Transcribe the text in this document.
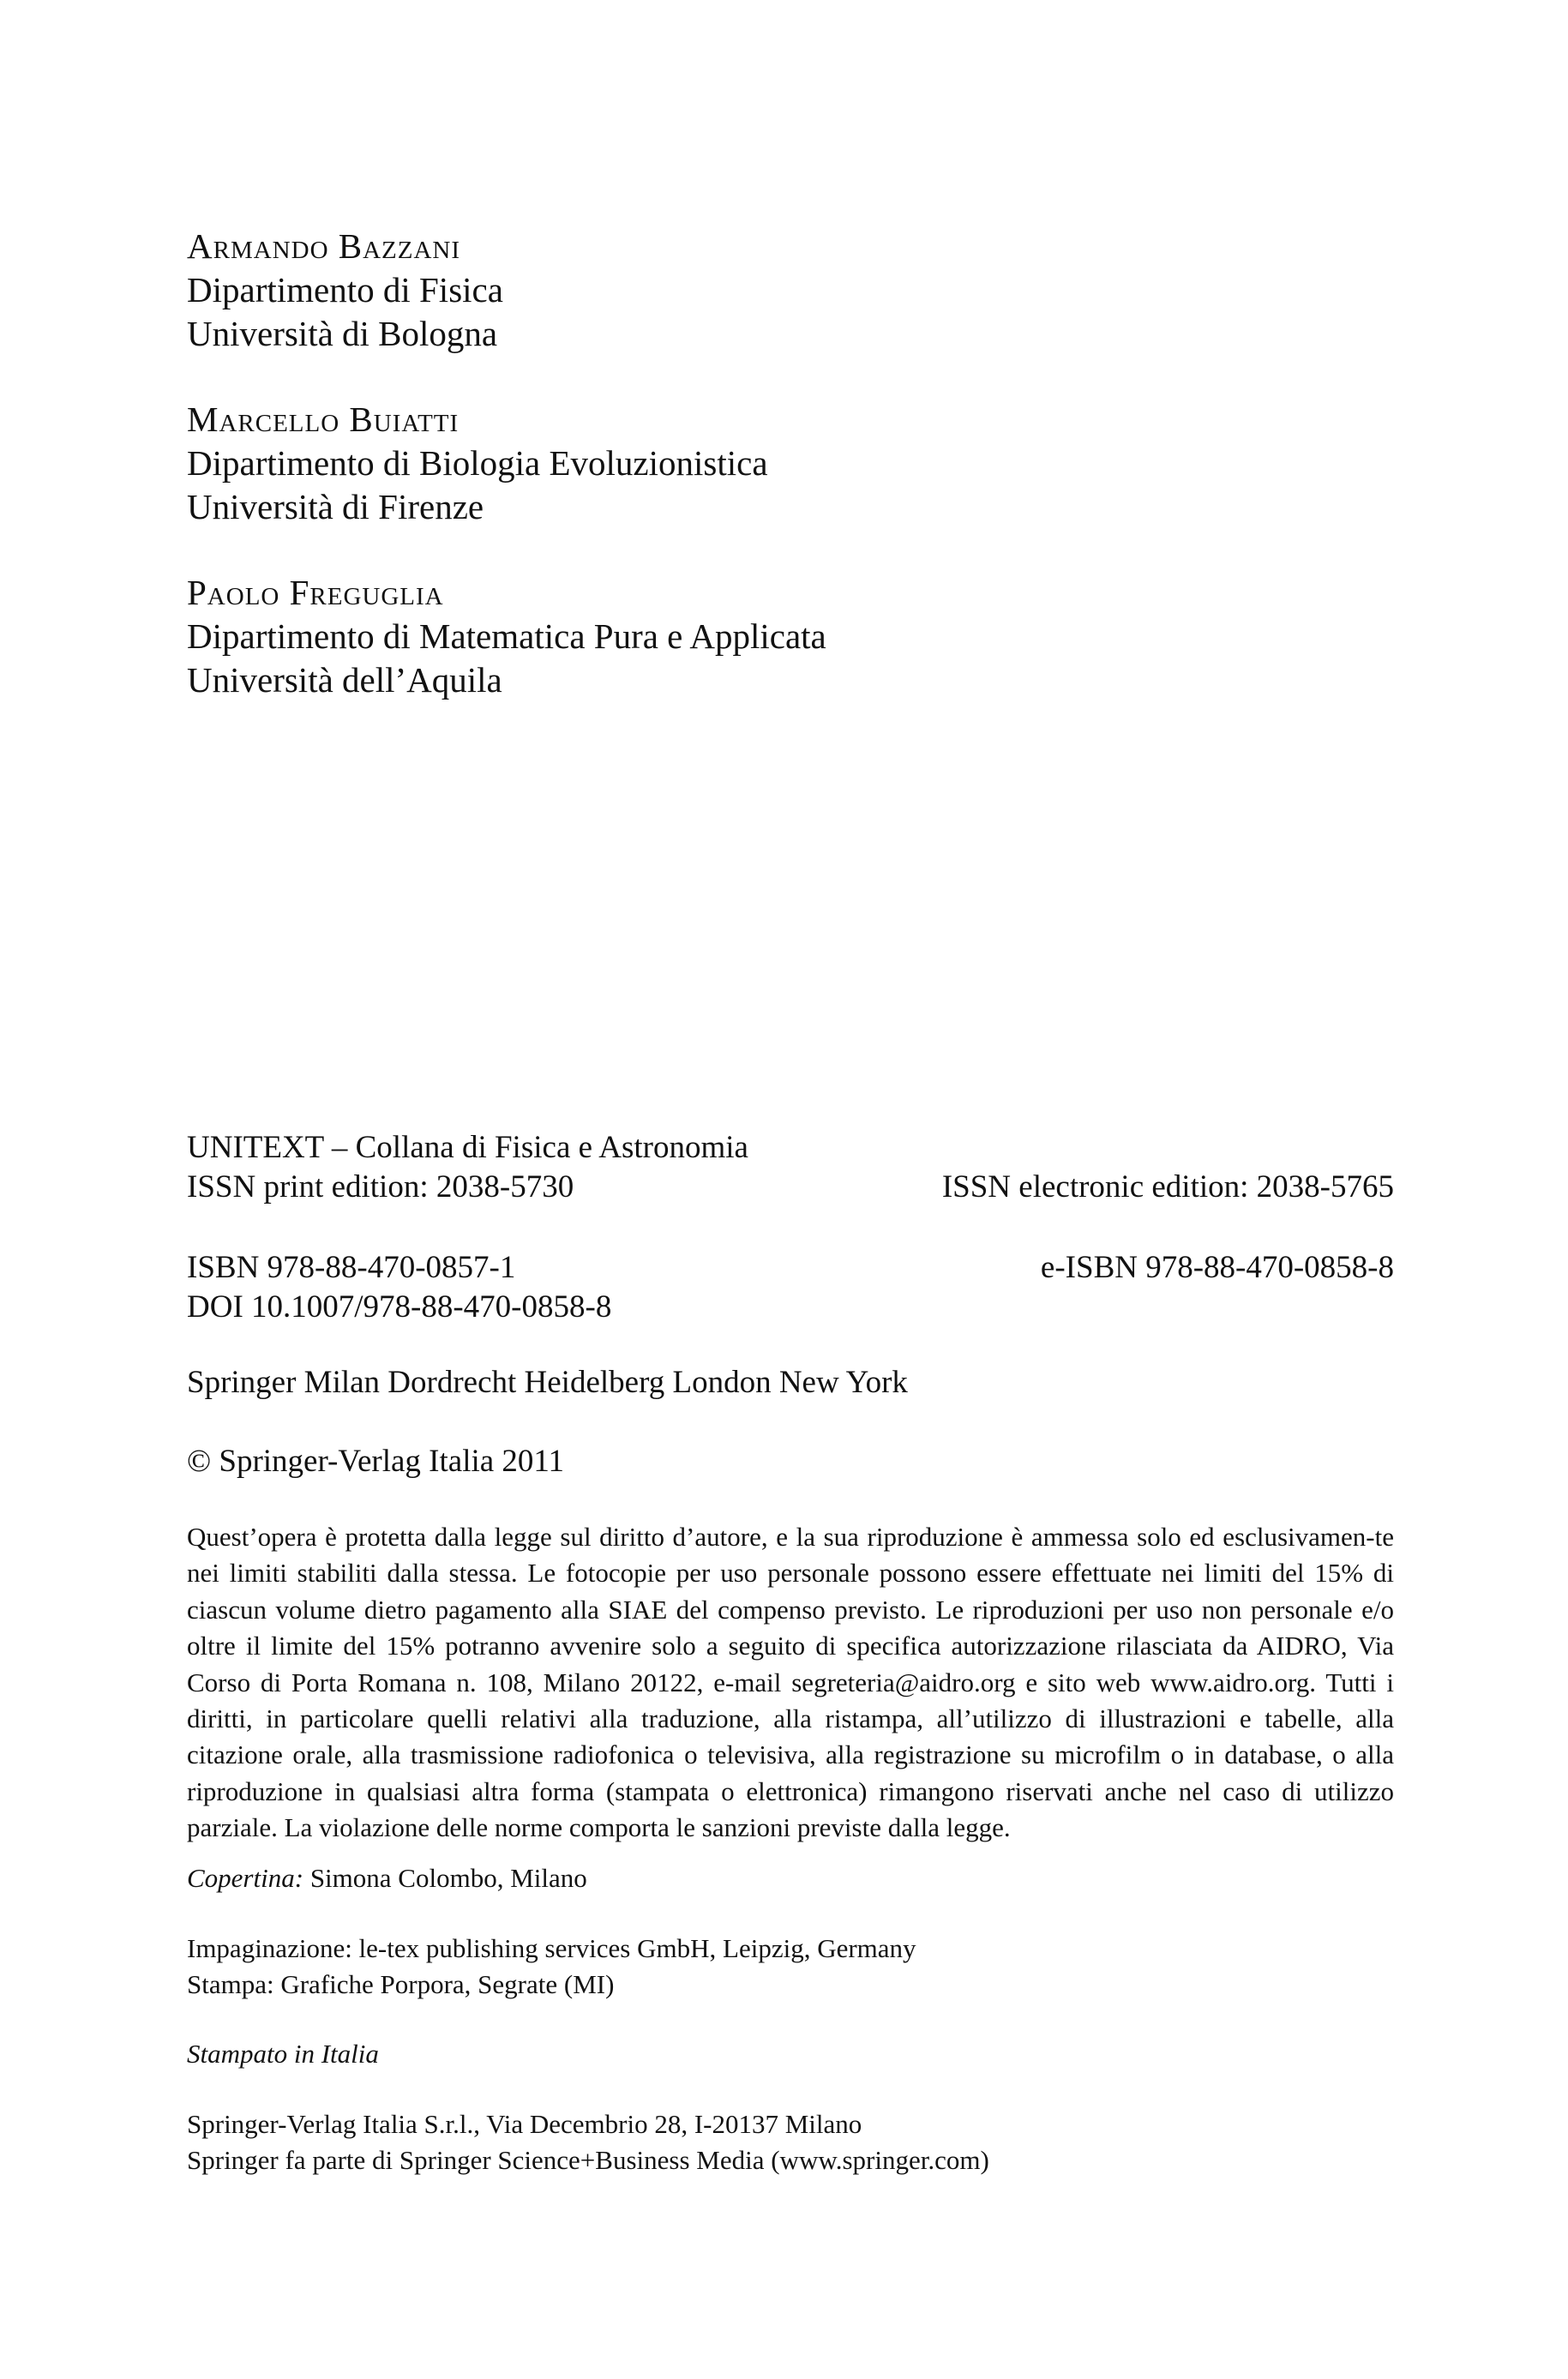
Armando Bazzani
Dipartimento di Fisica
Università di Bologna
Marcello Buiatti
Dipartimento di Biologia Evoluzionistica
Università di Firenze
Paolo Freguglia
Dipartimento di Matematica Pura e Applicata
Università dell’Aquila
UNITEXT – Collana di Fisica e Astronomia
ISSN print edition: 2038-5730	ISSN electronic edition: 2038-5765
ISBN 978-88-470-0857-1	e-ISBN 978-88-470-0858-8
DOI 10.1007/978-88-470-0858-8
Springer Milan Dordrecht Heidelberg London New York
© Springer-Verlag Italia 2011
Quest’opera è protetta dalla legge sul diritto d’autore, e la sua riproduzione è ammessa solo ed esclusivamen-te nei limiti stabiliti dalla stessa. Le fotocopie per uso personale possono essere effettuate nei limiti del 15% di ciascun volume dietro pagamento alla SIAE del compenso previsto. Le riproduzioni per uso non personale e/o oltre il limite del 15% potranno avvenire solo a seguito di specifica autorizzazione rilasciata da AIDRO, Via Corso di Porta Romana n. 108, Milano 20122, e-mail segreteria@aidro.org e sito web www.aidro.org. Tutti i diritti, in particolare quelli relativi alla traduzione, alla ristampa, all’utilizzo di illustrazioni e tabelle, alla citazione orale, alla trasmissione radiofonica o televisiva, alla registrazione su microfilm o in database, o alla riproduzione in qualsiasi altra forma (stampata o elettronica) rimangono riservati anche nel caso di utilizzo parziale. La violazione delle norme comporta le sanzioni previste dalla legge.
Copertina: Simona Colombo, Milano
Impaginazione: le-tex publishing services GmbH, Leipzig, Germany
Stampa: Grafiche Porpora, Segrate (MI)
Stampato in Italia
Springer-Verlag Italia S.r.l., Via Decembrio 28, I-20137 Milano
Springer fa parte di Springer Science+Business Media (www.springer.com)
